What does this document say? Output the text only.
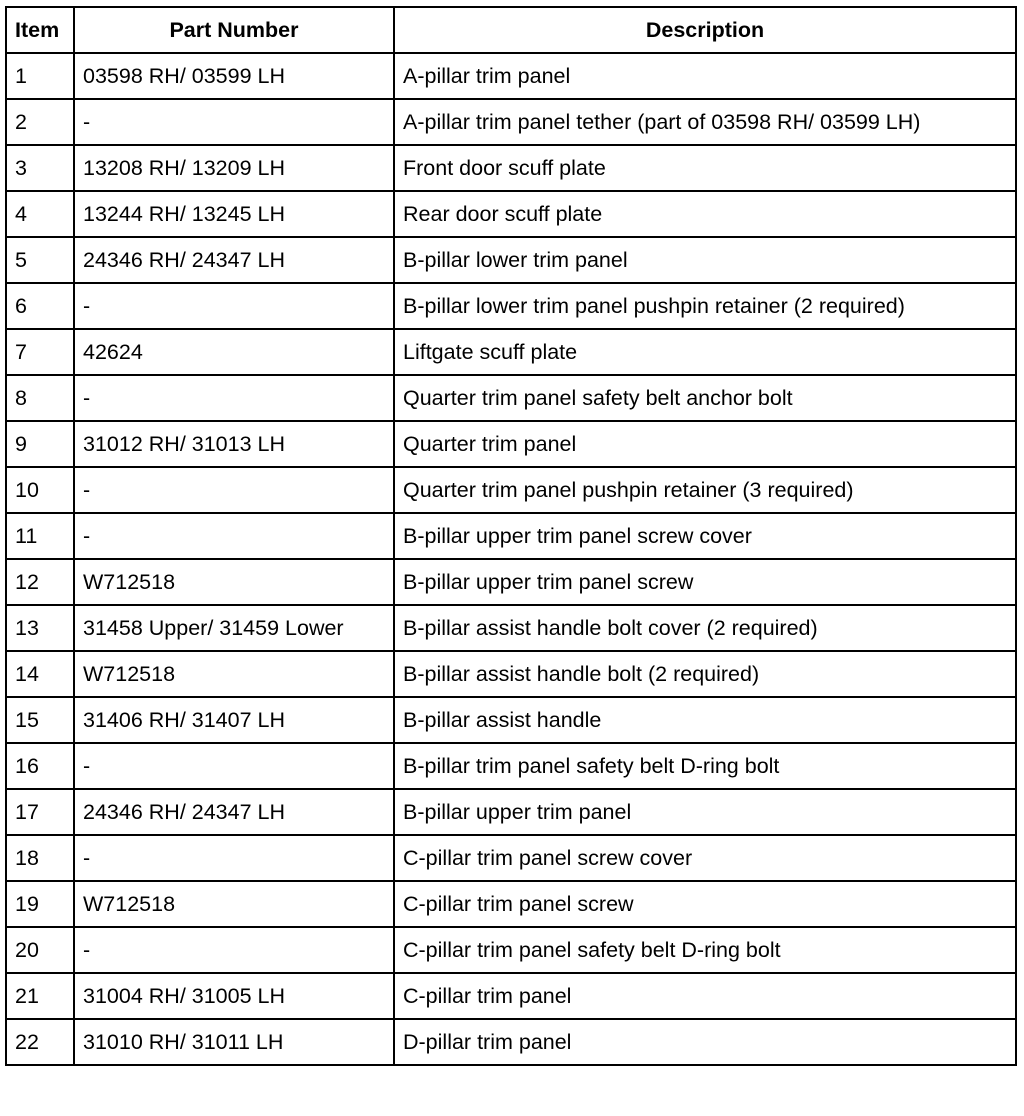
Item	Part Number	Description
1	03598 RH/ 03599 LH	A-pillar trim panel
2	-	A-pillar trim panel tether (part of 03598 RH/ 03599 LH)
3	13208 RH/ 13209 LH	Front door scuff plate
4	13244 RH/ 13245 LH	Rear door scuff plate
5	24346 RH/ 24347 LH	B-pillar lower trim panel
6	-	B-pillar lower trim panel pushpin retainer (2 required)
7	42624	Liftgate scuff plate
8	-	Quarter trim panel safety belt anchor bolt
9	31012 RH/ 31013 LH	Quarter trim panel
10	-	Quarter trim panel pushpin retainer (3 required)
11	-	B-pillar upper trim panel screw cover
12	W712518	B-pillar upper trim panel screw
13	31458 Upper/ 31459 Lower	B-pillar assist handle bolt cover (2 required)
14	W712518	B-pillar assist handle bolt (2 required)
15	31406 RH/ 31407 LH	B-pillar assist handle
16	-	B-pillar trim panel safety belt D-ring bolt
17	24346 RH/ 24347 LH	B-pillar upper trim panel
18	-	C-pillar trim panel screw cover
19	W712518	C-pillar trim panel screw
20	-	C-pillar trim panel safety belt D-ring bolt
21	31004 RH/ 31005 LH	C-pillar trim panel
22	31010 RH/ 31011 LH	D-pillar trim panel
